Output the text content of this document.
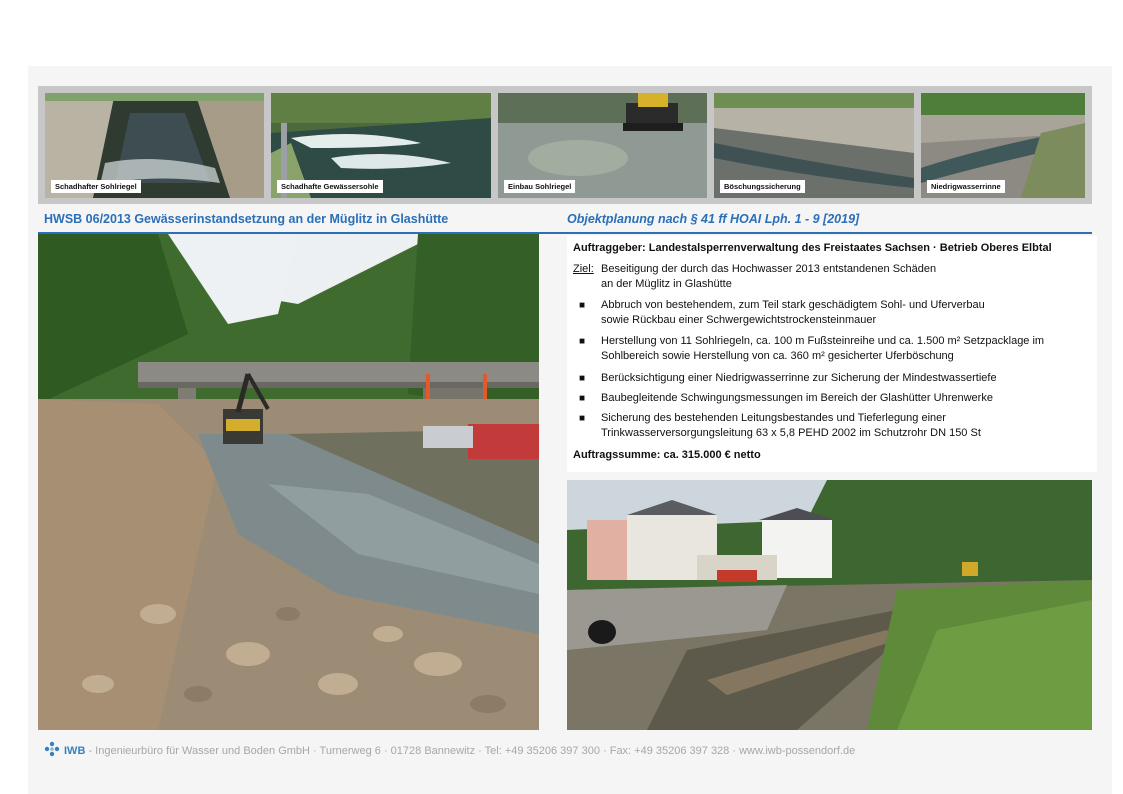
Schadhafter Sohlriegel	Schadhafte Gewässersohle	Einbau Sohlriegel	Böschungssicherung	Niedrigwasserrinne
HWSB 06/2013 Gewässerinstandsetzung an der Müglitz in Glashütte	Objektplanung nach § 41 ff HOAI Lph. 1 - 9 [2019]
Auftraggeber: Landestalsperrenverwaltung des Freistaates Sachsen · Betrieb Oberes Elbtal
Ziel: Beseitigung der durch das Hochwasser 2013 entstandenen Schäden
an der Müglitz in Glashütte
■ Abbruch von bestehendem, zum Teil stark geschädigtem Sohl- und Uferverbau
sowie Rückbau einer Schwergewichtstrockensteinmauer
■ Herstellung von 11 Sohlriegeln, ca. 100 m Fußsteinreihe und ca. 1.500 m² Setzpacklage im
Sohlbereich sowie Herstellung von ca. 360 m² gesicherter Uferböschung
■ Berücksichtigung einer Niedrigwasserrinne zur Sicherung der Mindestwassertiefe
■ Baubegleitende Schwingungsmessungen im Bereich der Glashütter Uhrenwerke
■ Sicherung des bestehenden Leitungsbestandes und Tieferlegung einer
Trinkwasserversorgungsleitung 63 x 5,8 PEHD 2002 im Schutzrohr DN 150 St
Auftragssumme: ca. 315.000 € netto
IWB - Ingenieurbüro für Wasser und Boden GmbH · Turnerweg 6 · 01728 Bannewitz · Tel: +49 35206 397 300 · Fax: +49 35206 397 328 · www.iwb-possendorf.de
